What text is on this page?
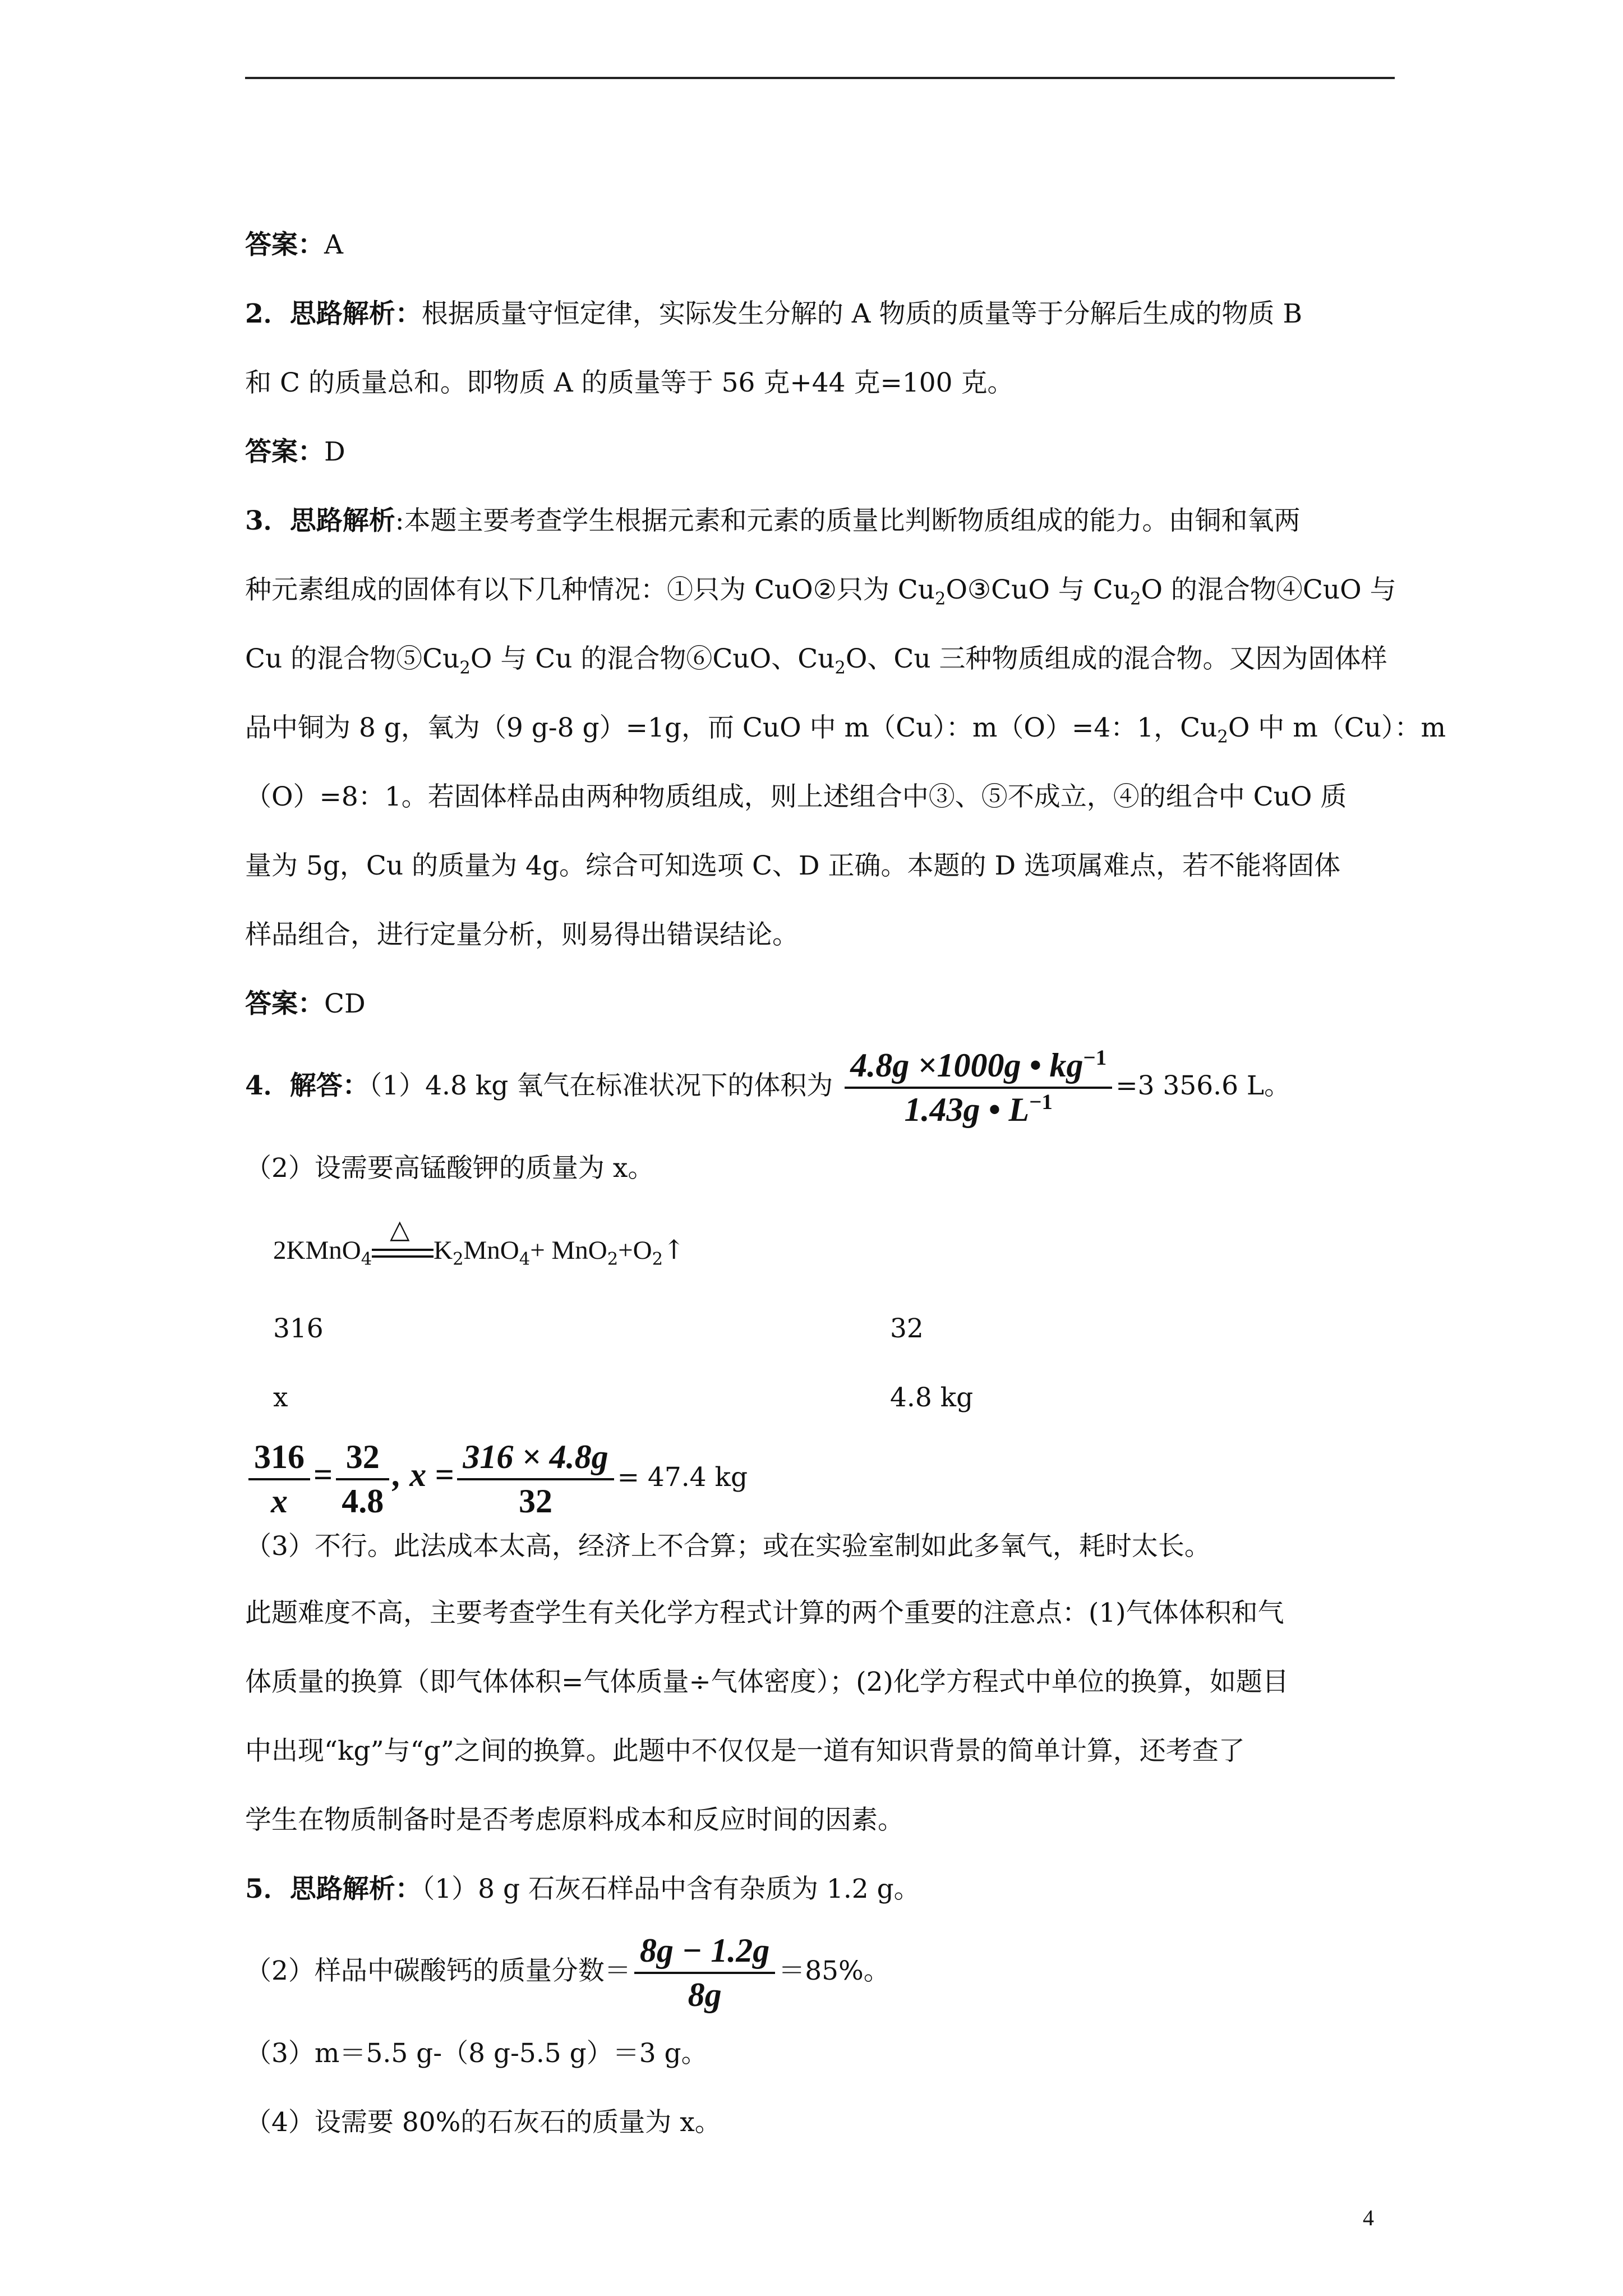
答案：A
2．思路解析：根据质量守恒定律，实际发生分解的 A 物质的质量等于分解后生成的物质 B
和 C 的质量总和。即物质 A 的质量等于 56 克+44 克=100 克。
答案：D
3．思路解析:本题主要考查学生根据元素和元素的质量比判断物质组成的能力。由铜和氧两
种元素组成的固体有以下几种情况：①只为 CuO②只为 $Cu_2O③CuO$ 与 $Cu_2O$ 的混合物④CuO 与
Cu 的混合物$⑤Cu_2O$ 与 Cu 的混合物⑥CuO、$Cu_2O$、Cu 三种物质组成的混合物。又因为固体样
品中铜为 8 g，氧为（9 g-8 g）=1g，而 CuO 中 m（Cu）：m（O）=4：1，$Cu_2O$ 中 m（Cu）：m
（O）=8：1。若固体样品由两种物质组成，则上述组合中③、⑤不成立，④的组合中 CuO 质
量为 5g，Cu 的质量为 4g。综合可知选项 C、D 正确。本题的 D 选项属难点，若不能将固体
样品组合，进行定量分析，则易得出错误结论。
答案：CD
4．解答：（1）4.8 kg 氧气在标准状况下的体积为 $\frac{4.8g \times 1000g • kg^{-1}}{1.43g • L^{-1}} =3$ 356.6 L。
（2）设需要高锰酸钾的质量为 x。
2KMnO$_4$
△
$K_2MnO_4+$ $MnO_2+O_2↑$
316	32
x	4.8 kg
$\frac{316}{x} = \frac{32}{4.8}$ , $x = \frac{316 \times 4.8g}{32} = 47.4$ kg
（3）不行。此法成本太高，经济上不合算；或在实验室制如此多氧气，耗时太长。
此题难度不高，主要考查学生有关化学方程式计算的两个重要的注意点：(1)气体体积和气
体质量的换算（即气体体积=气体质量÷气体密度）；(2)化学方程式中单位的换算，如题目
中出现“kg”与“g”之间的换算。此题中不仅仅是一道有知识背景的简单计算，还考查了
学生在物质制备时是否考虑原料成本和反应时间的因素。
5．思路解析：（1）8 g 石灰石样品中含有杂质为 1.2 g。
（2）样品中碳酸钙的质量分数＝ $\frac{8g - 1.2g}{8g} =85\%$。
（3）m＝5.5 g-（8 g-5.5 g）＝3 g。
（4）设需要 80%的石灰石的质量为 x。
4
